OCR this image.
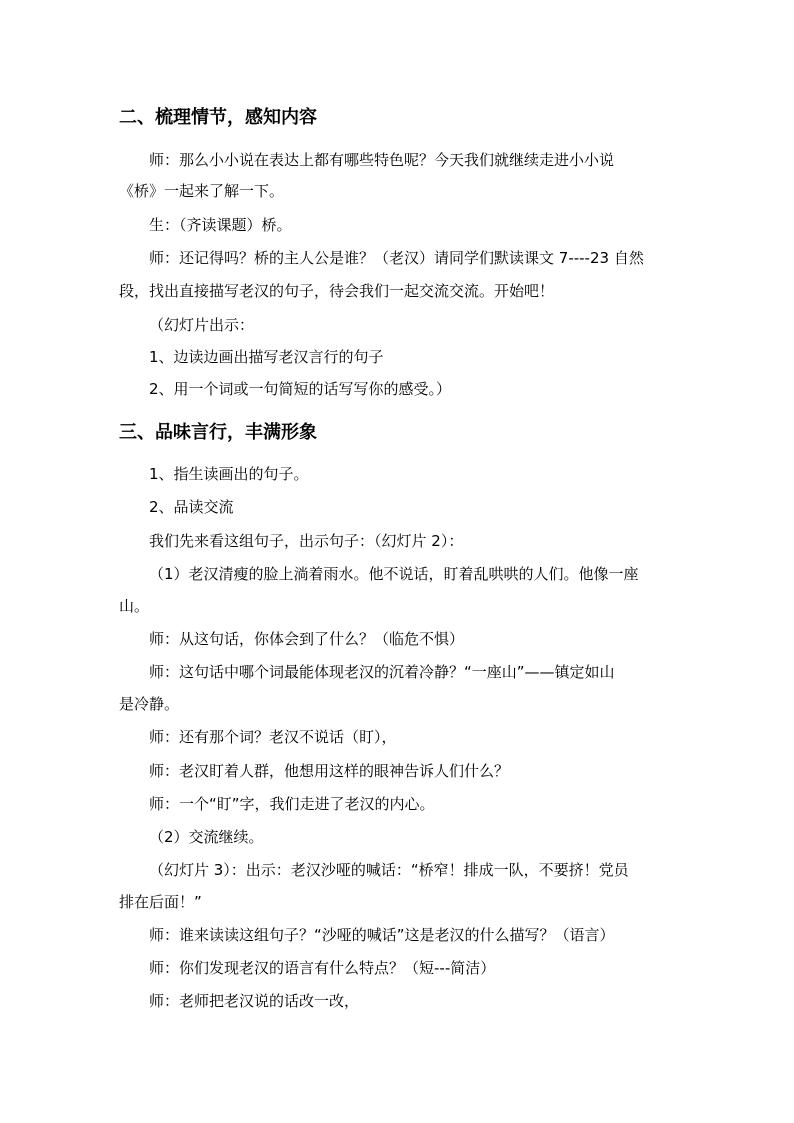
二、梳理情节，感知内容
师：那么小小说在表达上都有哪些特色呢？今天我们就继续走进小小说
《桥》一起来了解一下。
生：（齐读课题）桥。
师：还记得吗？桥的主人公是谁？（老汉）请同学们默读课文 7----23 自然
段，找出直接描写老汉的句子，待会我们一起交流交流。开始吧！
（幻灯片出示：
1、边读边画出描写老汉言行的句子
2、用一个词或一句简短的话写写你的感受。）
三、品味言行，丰满形象
1、指生读画出的句子。
2、品读交流
我们先来看这组句子，出示句子：（幻灯片 2）：
（1）老汉清瘦的脸上淌着雨水。他不说话，盯着乱哄哄的人们。他像一座
山。
师：从这句话，你体会到了什么？（临危不惧）
师：这句话中哪个词最能体现老汉的沉着冷静？“一座山”——镇定如山
是冷静。
师：还有那个词？老汉不说话（盯），
师：老汉盯着人群，他想用这样的眼神告诉人们什么？
师：一个“盯”字，我们走进了老汉的内心。
（2）交流继续。
（幻灯片 3）：出示：老汉沙哑的喊话：“桥窄！排成一队，不要挤！党员
排在后面！”
师：谁来读读这组句子？“沙哑的喊话”这是老汉的什么描写？（语言）
师：你们发现老汉的语言有什么特点？（短---简洁）
师：老师把老汉说的话改一改，
